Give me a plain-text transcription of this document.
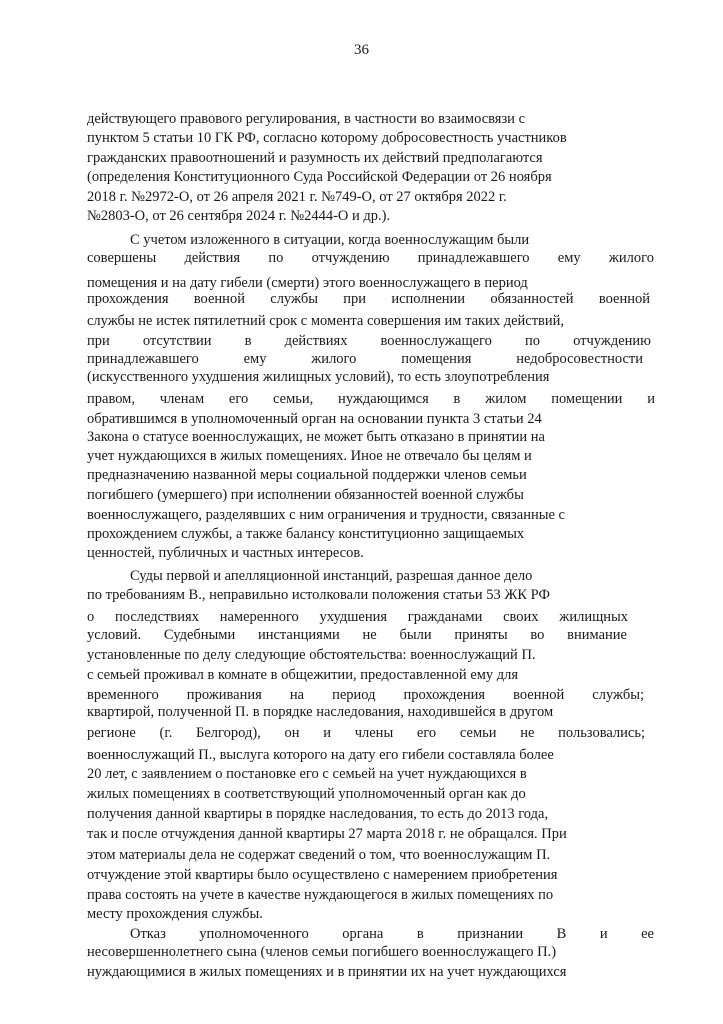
36
действующего правового регулирования, в частности во взаимосвязи с
пунктом 5 статьи 10 ГК РФ, согласно которому добросовестность участников
гражданских правоотношений и разумность их действий предполагаются
(определения Конституционного Суда Российской Федерации от 26 ноября
2018 г. №2972-О, от 26 апреля 2021 г. №749-О, от 27 октября 2022 г.
№2803-О, от 26 сентября 2024 г. №2444-О и др.).
С учетом изложенного в ситуации, когда военнослужащим были
совершены действия по отчуждению принадлежавшего ему жилого
помещения и на дату гибели (смерти) этого военнослужащего в период
прохождения военной службы при исполнении обязанностей военной
службы не истек пятилетний срок с момента совершения им таких действий,
при отсутствии в действиях военнослужащего по отчуждению
принадлежавшего ему жилого помещения недобросовестности
(искусственного ухудшения жилищных условий), то есть злоупотребления
правом, членам его семьи, нуждающимся в жилом помещении и
обратившимся в уполномоченный орган на основании пункта 3 статьи 24
Закона о статусе военнослужащих, не может быть отказано в принятии на
учет нуждающихся в жилых помещениях. Иное не отвечало бы целям и
предназначению названной меры социальной поддержки членов семьи
погибшего (умершего) при исполнении обязанностей военной службы
военнослужащего, разделявших с ним ограничения и трудности, связанные с
прохождением службы, а также балансу конституционно защищаемых
ценностей, публичных и частных интересов.
Суды первой и апелляционной инстанций, разрешая данное дело
по требованиям В., неправильно истолковали положения статьи 53 ЖК РФ
о последствиях намеренного ухудшения гражданами своих жилищных
условий. Судебными инстанциями не были приняты во внимание
установленные по делу следующие обстоятельства: военнослужащий П.
с семьей проживал в комнате в общежитии, предоставленной ему для
временного проживания на период прохождения военной службы;
квартирой, полученной П. в порядке наследования, находившейся в другом
регионе (г. Белгород), он и члены его семьи не пользовались;
военнослужащий П., выслуга которого на дату его гибели составляла более
20 лет, с заявлением о постановке его с семьей на учет нуждающихся в
жилых помещениях в соответствующий уполномоченный орган как до
получения данной квартиры в порядке наследования, то есть до 2013 года,
так и после отчуждения данной квартиры 27 марта 2018 г. не обращался. При
этом материалы дела не содержат сведений о том, что военнослужащим П.
отчуждение этой квартиры было осуществлено с намерением приобретения
права состоять на учете в качестве нуждающегося в жилых помещениях по
месту прохождения службы.
Отказ уполномоченного органа в признании В и ее
несовершеннолетнего сына (членов семьи погибшего военнослужащего П.)
нуждающимися в жилых помещениях и в принятии их на учет нуждающихся
